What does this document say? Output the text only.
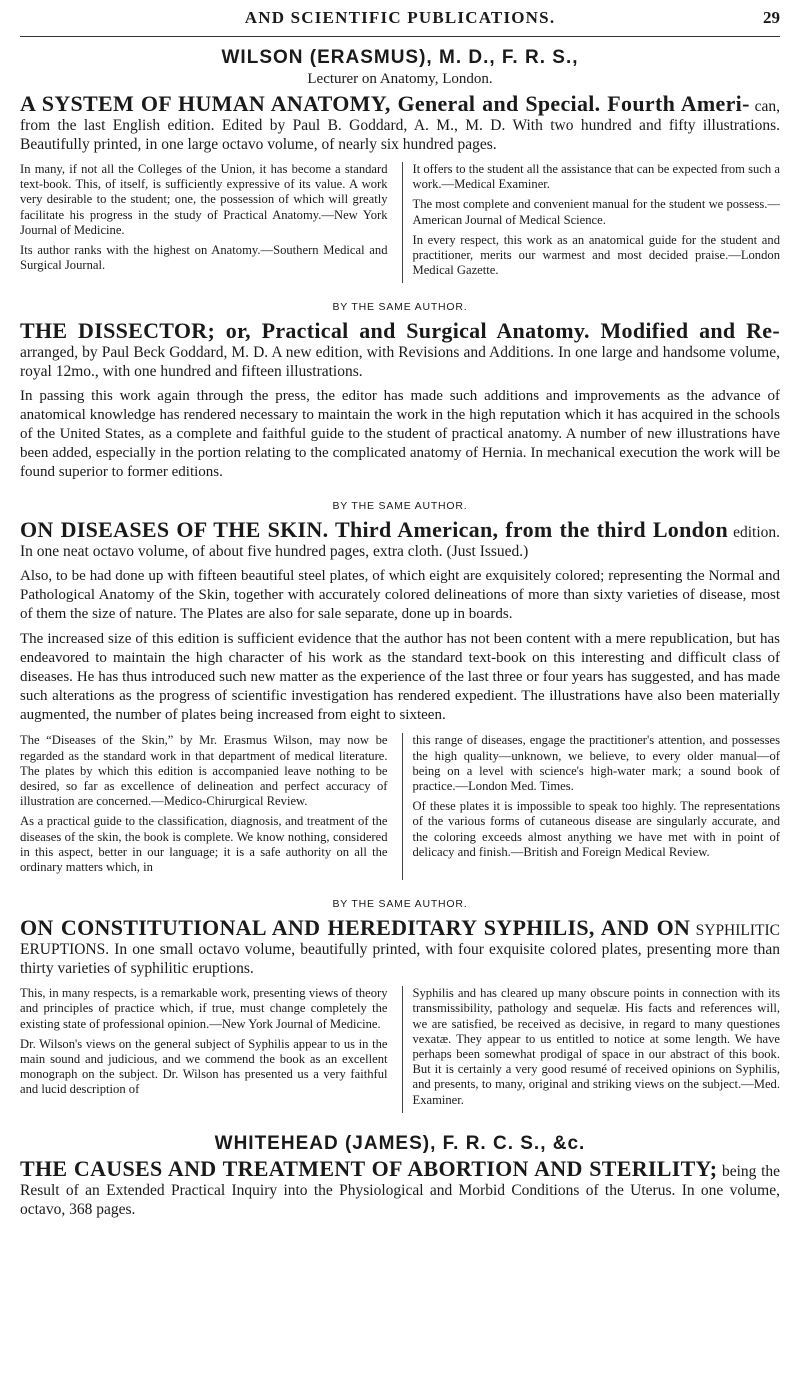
AND SCIENTIFIC PUBLICATIONS.	29
WILSON (ERASMUS), M. D., F. R. S.,
Lecturer on Anatomy, London.

A SYSTEM OF HUMAN ANATOMY, General and Special. Fourth Ameri- can, from the last English edition. Edited by Paul B. Goddard, A. M., M. D. With two hundred and fifty illustrations. Beautifully printed, in one large octavo volume, of nearly six hundred pages.

In many, if not all the Colleges of the Union, it has become a standard text-book. This, of itself, is sufficiently expressive of its value. A work very desirable to the student; one, the possession of which will greatly facilitate his progress in the study of Practical Anatomy.—New York Journal of Medicine.

Its author ranks with the highest on Anatomy.—Southern Medical and Surgical Journal.

It offers to the student all the assistance that can be expected from such a work.—Medical Examiner.

The most complete and convenient manual for the student we possess.—American Journal of Medical Science.

In every respect, this work as an anatomical guide for the student and practitioner, merits our warmest and most decided praise.—London Medical Gazette.

BY THE SAME AUTHOR.

THE DISSECTOR; or, Practical and Surgical Anatomy. Modified and Re- arranged, by Paul Beck Goddard, M. D. A new edition, with Revisions and Additions. In one large and handsome volume, royal 12mo., with one hundred and fifteen illustrations.

In passing this work again through the press, the editor has made such additions and improvements as the advance of anatomical knowledge has rendered necessary to maintain the work in the high reputation which it has acquired in the schools of the United States, as a complete and faithful guide to the student of practical anatomy. A number of new illustrations have been added, especially in the portion relating to the complicated anatomy of Hernia. In mechanical execution the work will be found superior to former editions.

BY THE SAME AUTHOR.

ON DISEASES OF THE SKIN. Third American, from the third London edition. In one neat octavo volume, of about five hundred pages, extra cloth. (Just Issued.)

Also, to be had done up with fifteen beautiful steel plates, of which eight are exquisitely colored; representing the Normal and Pathological Anatomy of the Skin, together with accurately colored delineations of more than sixty varieties of disease, most of them the size of nature. The Plates are also for sale separate, done up in boards.

The increased size of this edition is sufficient evidence that the author has not been content with a mere republication, but has endeavored to maintain the high character of his work as the standard text-book on this interesting and difficult class of diseases. He has thus introduced such new matter as the experience of the last three or four years has suggested, and has made such alterations as the progress of scientific investigation has rendered expedient. The illustrations have also been materially augmented, the number of plates being increased from eight to sixteen.

The “Diseases of the Skin,” by Mr. Erasmus Wilson, may now be regarded as the standard work in that department of medical literature. The plates by which this edition is accompanied leave nothing to be desired, so far as excellence of delineation and perfect accuracy of illustration are concerned.—Medico-Chirurgical Review.

As a practical guide to the classification, diagnosis, and treatment of the diseases of the skin, the book is complete. We know nothing, considered in this aspect, better in our language; it is a safe authority on all the ordinary matters which, in

this range of diseases, engage the practitioner's attention, and possesses the high quality—unknown, we believe, to every older manual—of being on a level with science's high-water mark; a sound book of practice.—London Med. Times.

Of these plates it is impossible to speak too highly. The representations of the various forms of cutaneous disease are singularly accurate, and the coloring exceeds almost anything we have met with in point of delicacy and finish.—British and Foreign Medical Review.

BY THE SAME AUTHOR.

ON CONSTITUTIONAL AND HEREDITARY SYPHILIS, AND ON SYPHILITIC ERUPTIONS. In one small octavo volume, beautifully printed, with four exquisite colored plates, presenting more than thirty varieties of syphilitic eruptions.

This, in many respects, is a remarkable work, presenting views of theory and principles of practice which, if true, must change completely the existing state of professional opinion.—New York Journal of Medicine.

Dr. Wilson's views on the general subject of Syphilis appear to us in the main sound and judicious, and we commend the book as an excellent monograph on the subject. Dr. Wilson has presented us a very faithful and lucid description of

Syphilis and has cleared up many obscure points in connection with its transmissibility, pathology and sequelæ. His facts and references will, we are satisfied, be received as decisive, in regard to many questiones vexatæ. They appear to us entitled to notice at some length. We have perhaps been somewhat prodigal of space in our abstract of this book. But it is certainly a very good resumé of received opinions on Syphilis, and presents, to many, original and striking views on the subject.—Med. Examiner.

WHITEHEAD (JAMES), F. R. C. S., &c.

THE CAUSES AND TREATMENT OF ABORTION AND STERILITY; being the Result of an Extended Practical Inquiry into the Physiological and Morbid Conditions of the Uterus. In one volume, octavo, 368 pages.
